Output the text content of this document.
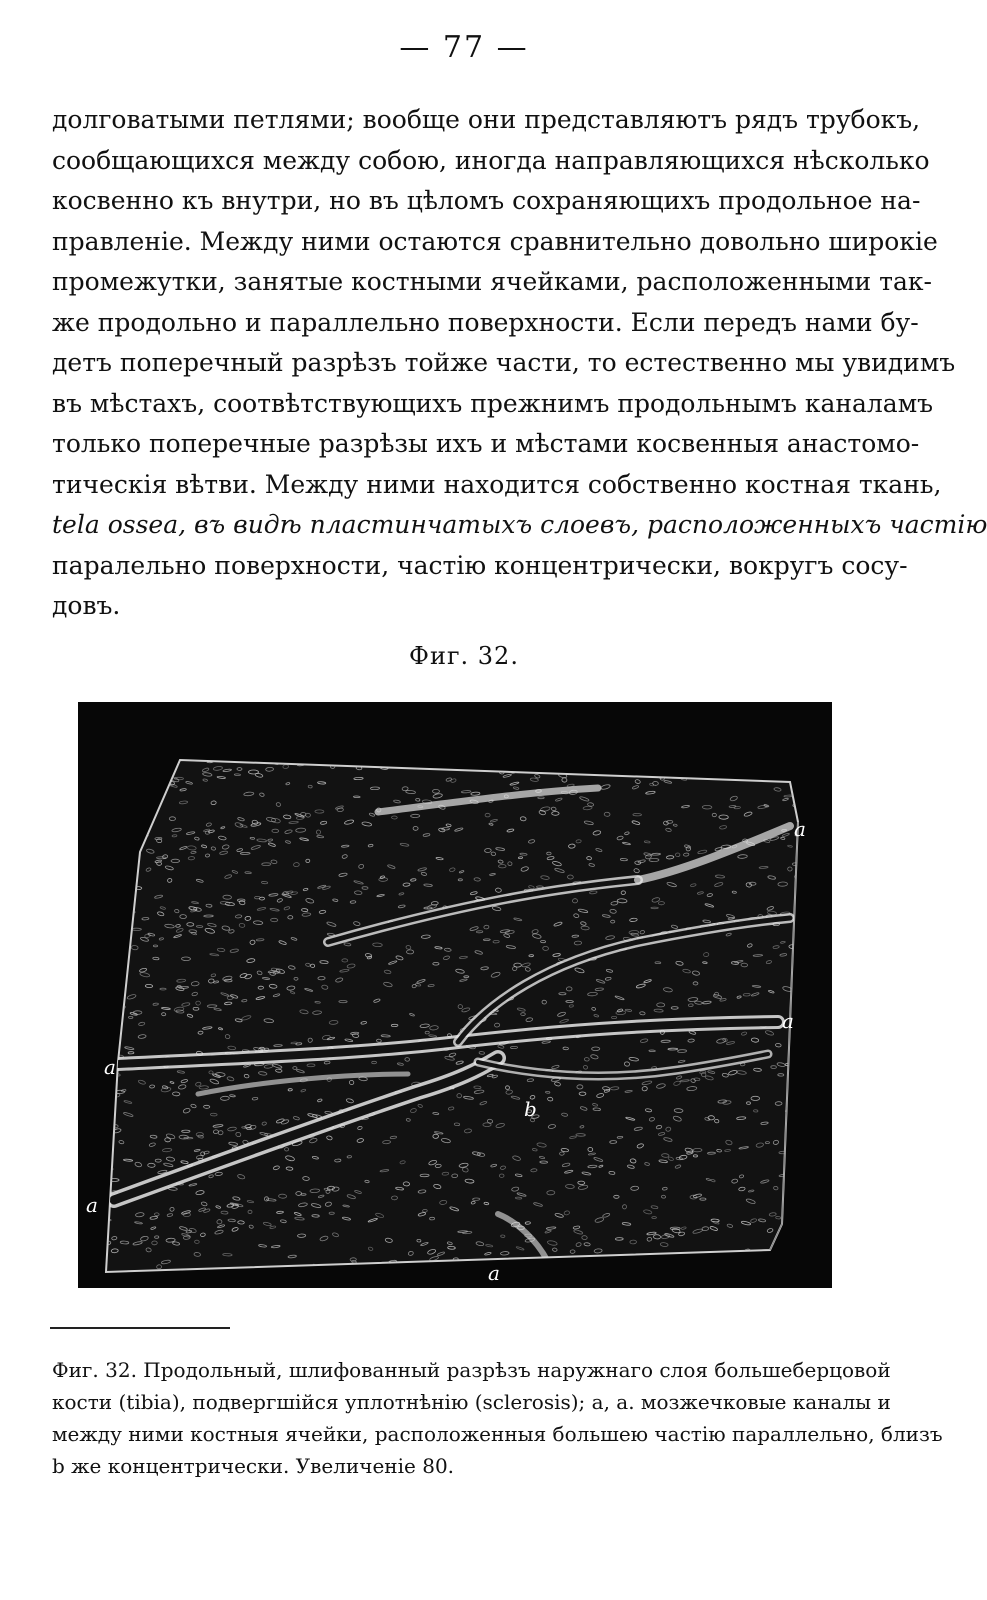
— 77 —
долговатыми петлями; вообще они представляютъ рядъ трубокъ,
сообщающихся между собою, иногда направляющихся нѣсколько
косвенно къ внутри, но въ цѣломъ сохраняющихъ продольное на-
правленіе. Между ними остаются сравнительно довольно широкіе
промежутки, занятые костными ячейками, расположенными так-
же продольно и параллельно поверхности. Если передъ нами бу-
детъ поперечный разрѣзъ тойже части, то естественно мы увидимъ
въ мѣстахъ, соотвѣтствующихъ прежнимъ продольнымъ каналамъ
только поперечные разрѣзы ихъ и мѣстами косвенныя анастомо-
тическія вѣтви. Между ними находится собственно костная ткань,
tela ossea, въ видѣ пластинчатыхъ слоевъ, расположенныхъ частію
паралельно поверхности, частію концентрически, вокругъ сосу-
довъ.
Фиг. 32.
a
a
a
b
a
a
Фиг. 32. Продольный, шлифованный разрѣзъ наружнаго слоя большеберцовой
кости (tibia), подвергшійся уплотнѣнію (sclerosis); a, a. мозжечковые каналы и
между ними костныя ячейки, расположенныя большею частію параллельно, близъ
b же концентрически. Увеличеніе 80.
